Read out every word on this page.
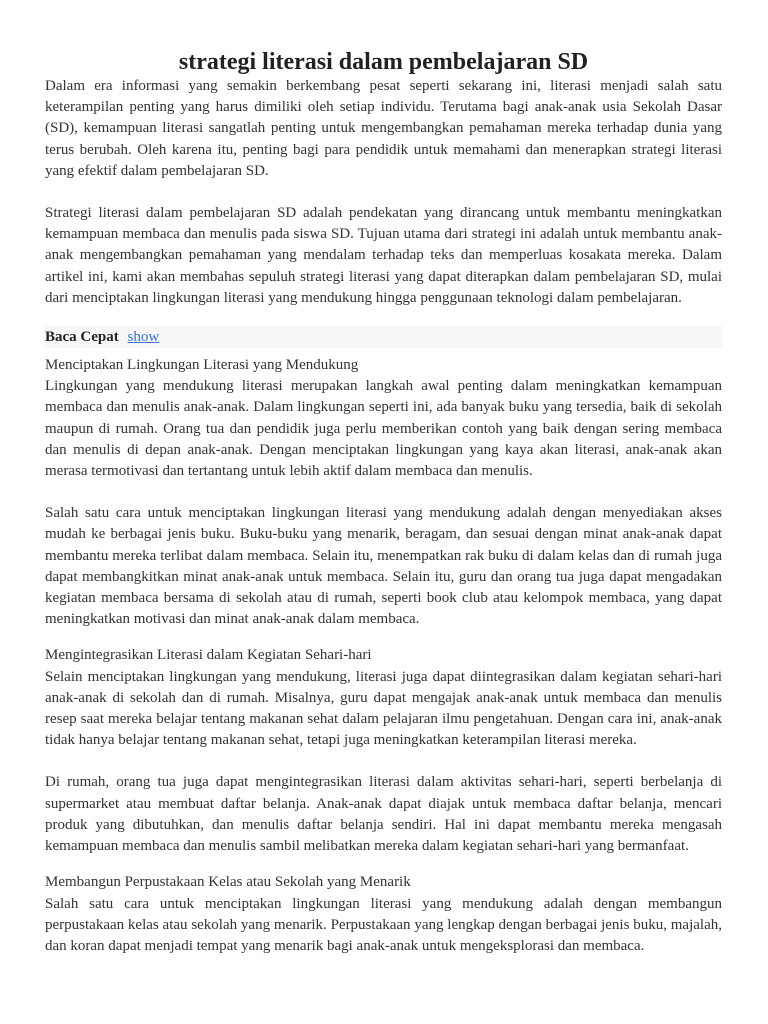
strategi literasi dalam pembelajaran SD

Dalam era informasi yang semakin berkembang pesat seperti sekarang ini, literasi menjadi salah satu keterampilan penting yang harus dimiliki oleh setiap individu. Terutama bagi anak-anak usia Sekolah Dasar (SD), kemampuan literasi sangatlah penting untuk mengembangkan pemahaman mereka terhadap dunia yang terus berubah. Oleh karena itu, penting bagi para pendidik untuk memahami dan menerapkan strategi literasi yang efektif dalam pembelajaran SD.

Strategi literasi dalam pembelajaran SD adalah pendekatan yang dirancang untuk membantu meningkatkan kemampuan membaca dan menulis pada siswa SD. Tujuan utama dari strategi ini adalah untuk membantu anak-anak mengembangkan pemahaman yang mendalam terhadap teks dan memperluas kosakata mereka. Dalam artikel ini, kami akan membahas sepuluh strategi literasi yang dapat diterapkan dalam pembelajaran SD, mulai dari menciptakan lingkungan literasi yang mendukung hingga penggunaan teknologi dalam pembelajaran.

Baca Cepat show
Menciptakan Lingkungan Literasi yang Mendukung

Lingkungan yang mendukung literasi merupakan langkah awal penting dalam meningkatkan kemampuan membaca dan menulis anak-anak. Dalam lingkungan seperti ini, ada banyak buku yang tersedia, baik di sekolah maupun di rumah. Orang tua dan pendidik juga perlu memberikan contoh yang baik dengan sering membaca dan menulis di depan anak-anak. Dengan menciptakan lingkungan yang kaya akan literasi, anak-anak akan merasa termotivasi dan tertantang untuk lebih aktif dalam membaca dan menulis.

Salah satu cara untuk menciptakan lingkungan literasi yang mendukung adalah dengan menyediakan akses mudah ke berbagai jenis buku. Buku-buku yang menarik, beragam, dan sesuai dengan minat anak-anak dapat membantu mereka terlibat dalam membaca. Selain itu, menempatkan rak buku di dalam kelas dan di rumah juga dapat membangkitkan minat anak-anak untuk membaca. Selain itu, guru dan orang tua juga dapat mengadakan kegiatan membaca bersama di sekolah atau di rumah, seperti book club atau kelompok membaca, yang dapat meningkatkan motivasi dan minat anak-anak dalam membaca.

Mengintegrasikan Literasi dalam Kegiatan Sehari-hari

Selain menciptakan lingkungan yang mendukung, literasi juga dapat diintegrasikan dalam kegiatan sehari-hari anak-anak di sekolah dan di rumah. Misalnya, guru dapat mengajak anak-anak untuk membaca dan menulis resep saat mereka belajar tentang makanan sehat dalam pelajaran ilmu pengetahuan. Dengan cara ini, anak-anak tidak hanya belajar tentang makanan sehat, tetapi juga meningkatkan keterampilan literasi mereka.

Di rumah, orang tua juga dapat mengintegrasikan literasi dalam aktivitas sehari-hari, seperti berbelanja di supermarket atau membuat daftar belanja. Anak-anak dapat diajak untuk membaca daftar belanja, mencari produk yang dibutuhkan, dan menulis daftar belanja sendiri. Hal ini dapat membantu mereka mengasah kemampuan membaca dan menulis sambil melibatkan mereka dalam kegiatan sehari-hari yang bermanfaat.

Membangun Perpustakaan Kelas atau Sekolah yang Menarik

Salah satu cara untuk menciptakan lingkungan literasi yang mendukung adalah dengan membangun perpustakaan kelas atau sekolah yang menarik. Perpustakaan yang lengkap dengan berbagai jenis buku, majalah, dan koran dapat menjadi tempat yang menarik bagi anak-anak untuk mengeksplorasi dan membaca.
